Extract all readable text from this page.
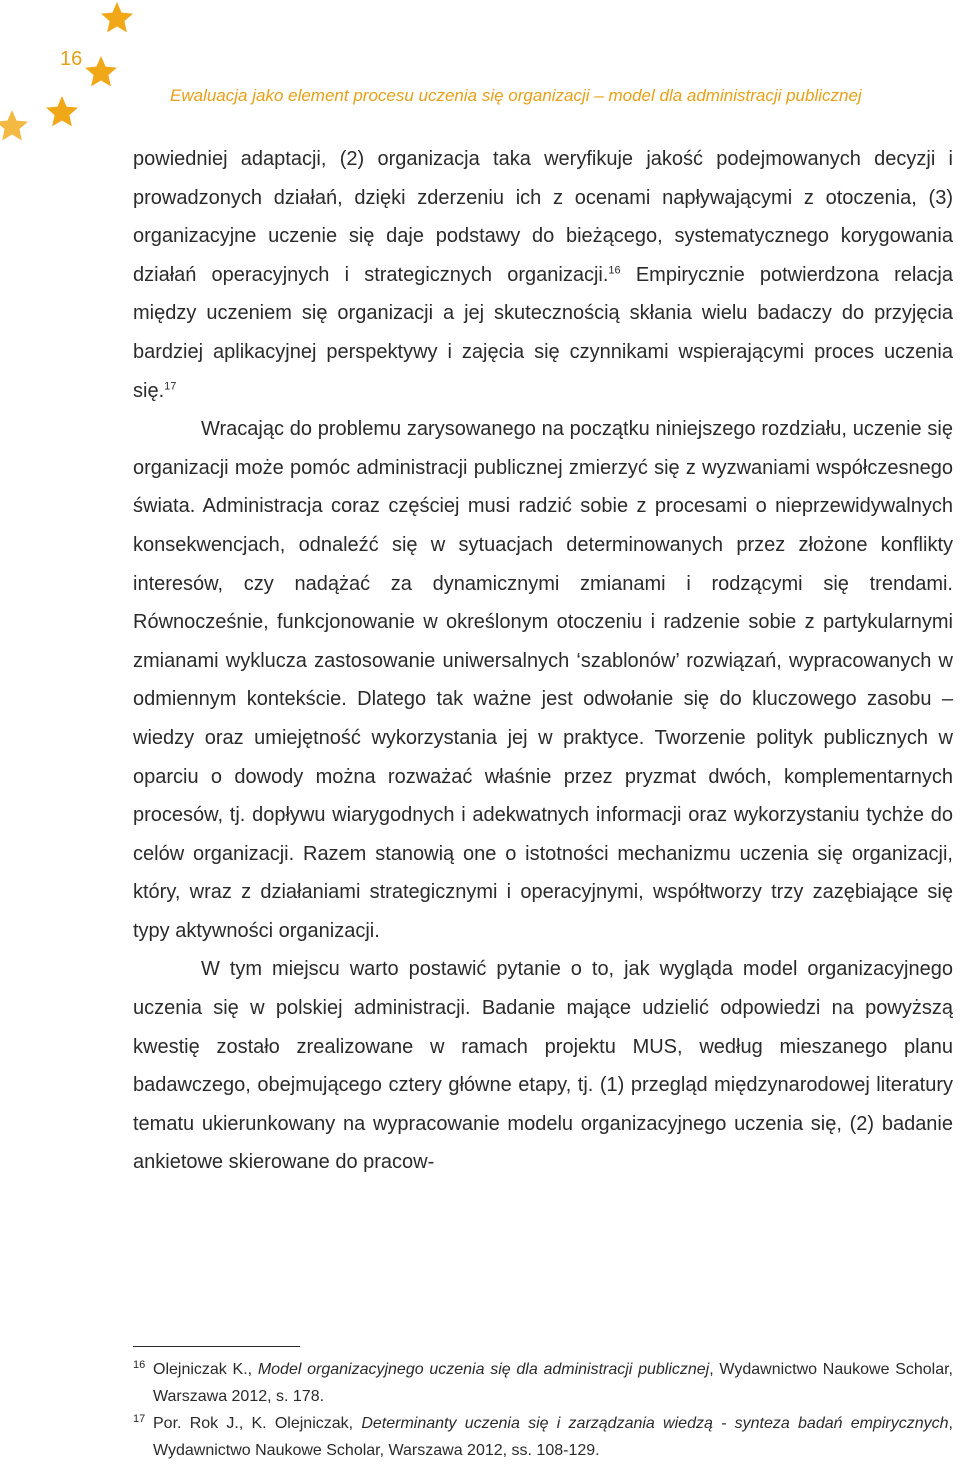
16
Ewaluacja jako element procesu uczenia się organizacji – model dla administracji publicznej

powiedniej adaptacji, (2) organizacja taka weryfikuje jakość podejmowanych decyzji i prowadzonych działań, dzięki zderzeniu ich z ocenami napływającymi z otoczenia, (3) organizacyjne uczenie się daje podstawy do bieżącego, systematycznego korygowania działań operacyjnych i strategicznych organizacji.$^{16}$ Empirycznie potwierdzona relacja między uczeniem się organizacji a jej skutecznością skłania wielu badaczy do przyjęcia bardziej aplikacyjnej perspektywy i zajęcia się czynnikami wspierającymi proces uczenia się.$^{17}$

Wracając do problemu zarysowanego na początku niniejszego rozdziału, uczenie się organizacji może pomóc administracji publicznej zmierzyć się z wyzwaniami współczesnego świata. Administracja coraz częściej musi radzić sobie z procesami o nieprzewidywalnych konsekwencjach, odnaleźć się w sytuacjach determinowanych przez złożone konflikty interesów, czy nadążać za dynamicznymi zmianami i rodzącymi się trendami. Równocześnie, funkcjonowanie w określonym otoczeniu i radzenie sobie z partykularnymi zmianami wyklucza zastosowanie uniwersalnych ‘szablonów’ rozwiązań, wypracowanych w odmiennym kontekście. Dlatego tak ważne jest odwołanie się do kluczowego zasobu – wiedzy oraz umiejętność wykorzystania jej w praktyce. Tworzenie polityk publicznych w oparciu o dowody można rozważać właśnie przez pryzmat dwóch, komplementarnych procesów, tj. dopływu wiarygodnych i adekwatnych informacji oraz wykorzystaniu tychże do celów organizacji. Razem stanowią one o istotności mechanizmu uczenia się organizacji, który, wraz z działaniami strategicznymi i operacyjnymi, współtworzy trzy zazębiające się typy aktywności organizacji.

W tym miejscu warto postawić pytanie o to, jak wygląda model organizacyjnego uczenia się w polskiej administracji. Badanie mające udzielić odpowiedzi na powyższą kwestię zostało zrealizowane w ramach projektu MUS, według mieszanego planu badawczego, obejmującego cztery główne etapy, tj. (1) przegląd międzynarodowej literatury tematu ukierunkowany na wypracowanie modelu organizacyjnego uczenia się, (2) badanie ankietowe skierowane do pracow-

16 Olejniczak K., Model organizacyjnego uczenia się dla administracji publicznej, Wydawnictwo Naukowe Scholar, Warszawa 2012, s. 178.
17 Por. Rok J., K. Olejniczak, Determinanty uczenia się i zarządzania wiedzą - synteza badań empirycznych, Wydawnictwo Naukowe Scholar, Warszawa 2012, ss. 108-129.
